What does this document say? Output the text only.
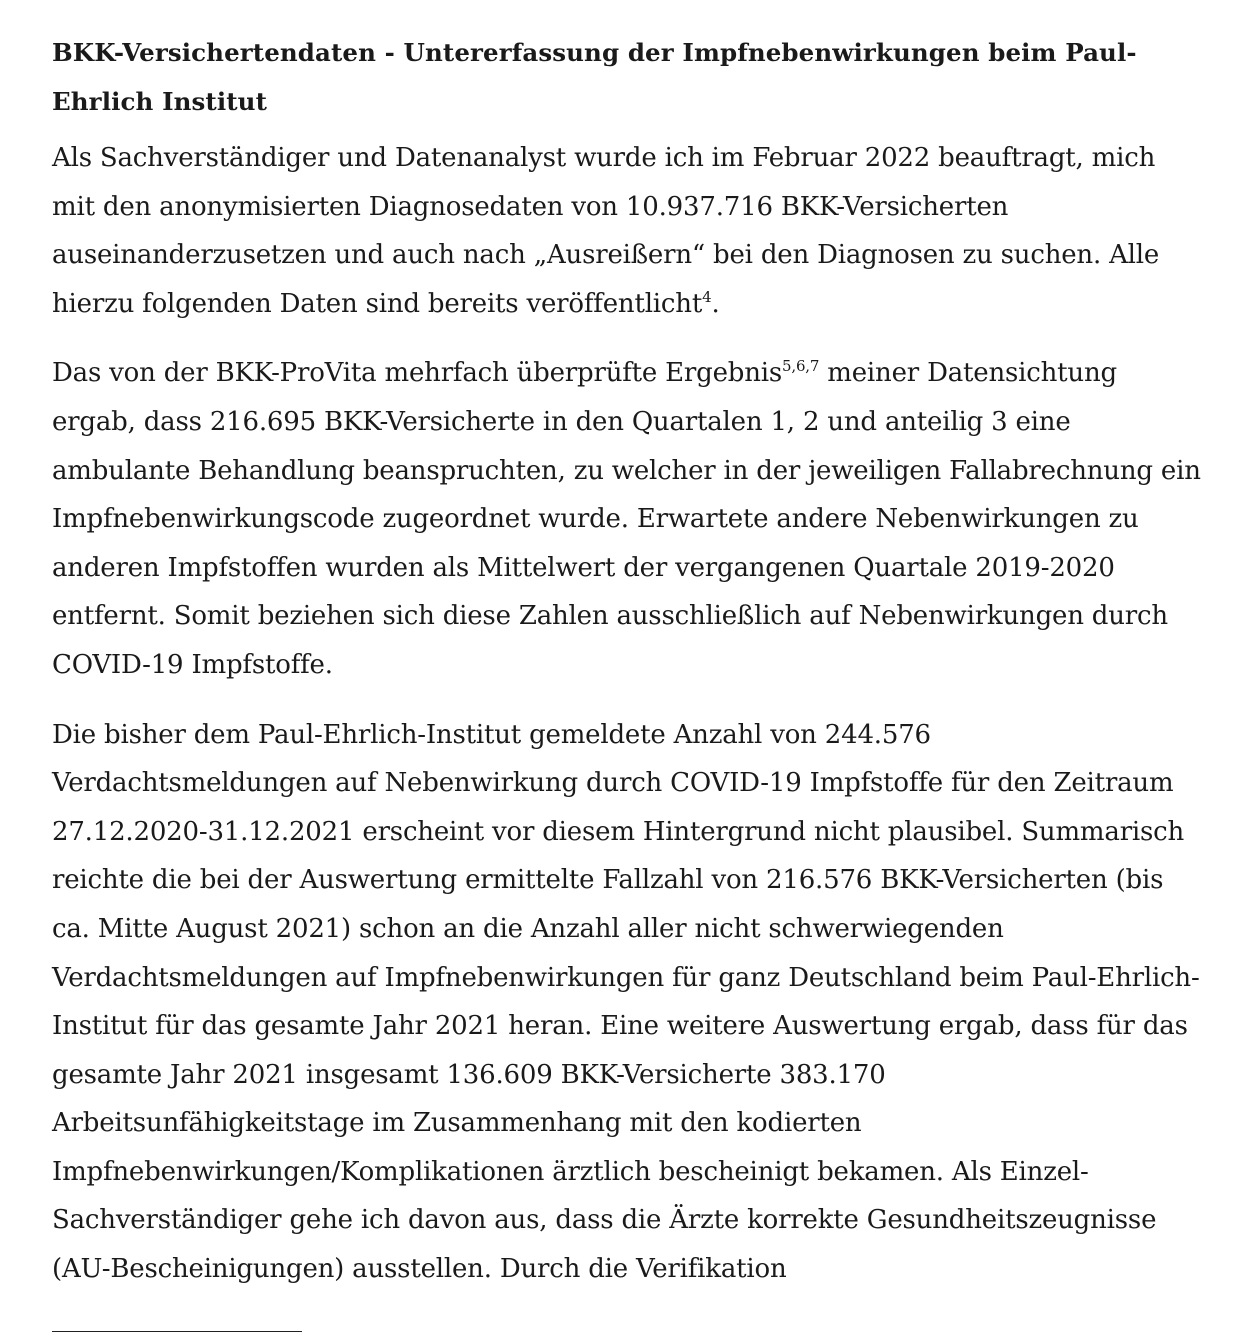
BKK-Versichertendaten - Untererfassung der Impfnebenwirkungen beim Paul-Ehrlich Institut

Als Sachverständiger und Datenanalyst wurde ich im Februar 2022 beauftragt, mich mit den anonymisierten Diagnosedaten von 10.937.716 BKK-Versicherten auseinanderzusetzen und auch nach „Ausreißern“ bei den Diagnosen zu suchen. Alle hierzu folgenden Daten sind bereits veröffentlicht$^4$.

Das von der BKK-ProVita mehrfach überprüfte Ergebnis$^{5,6,7}$ meiner Datensichtung ergab, dass 216.695 BKK-Versicherte in den Quartalen 1, 2 und anteilig 3 eine ambulante Behandlung beanspruchten, zu welcher in der jeweiligen Fallabrechnung ein Impfnebenwirkungscode zugeordnet wurde. Erwartete andere Nebenwirkungen zu anderen Impfstoffen wurden als Mittelwert der vergangenen Quartale 2019-2020 entfernt. Somit beziehen sich diese Zahlen ausschließlich auf Nebenwirkungen durch COVID-19 Impfstoffe.

Die bisher dem Paul-Ehrlich-Institut gemeldete Anzahl von 244.576 Verdachtsmeldungen auf Nebenwirkung durch COVID-19 Impfstoffe für den Zeitraum 27.12.2020-31.12.2021 erscheint vor diesem Hintergrund nicht plausibel. Summarisch reichte die bei der Auswertung ermittelte Fallzahl von 216.576 BKK-Versicherten (bis ca. Mitte August 2021) schon an die Anzahl aller nicht schwerwiegenden Verdachtsmeldungen auf Impfnebenwirkungen für ganz Deutschland beim Paul-Ehrlich-Institut für das gesamte Jahr 2021 heran. Eine weitere Auswertung ergab, dass für das gesamte Jahr 2021 insgesamt 136.609 BKK-Versicherte 383.170 Arbeitsunfähigkeitstage im Zusammenhang mit den kodierten Impfnebenwirkungen/Komplikationen ärztlich bescheinigt bekamen. Als Einzel-Sachverständiger gehe ich davon aus, dass die Ärzte korrekte Gesundheitszeugnisse (AU-Bescheinigungen) ausstellen. Durch die Verifikation
